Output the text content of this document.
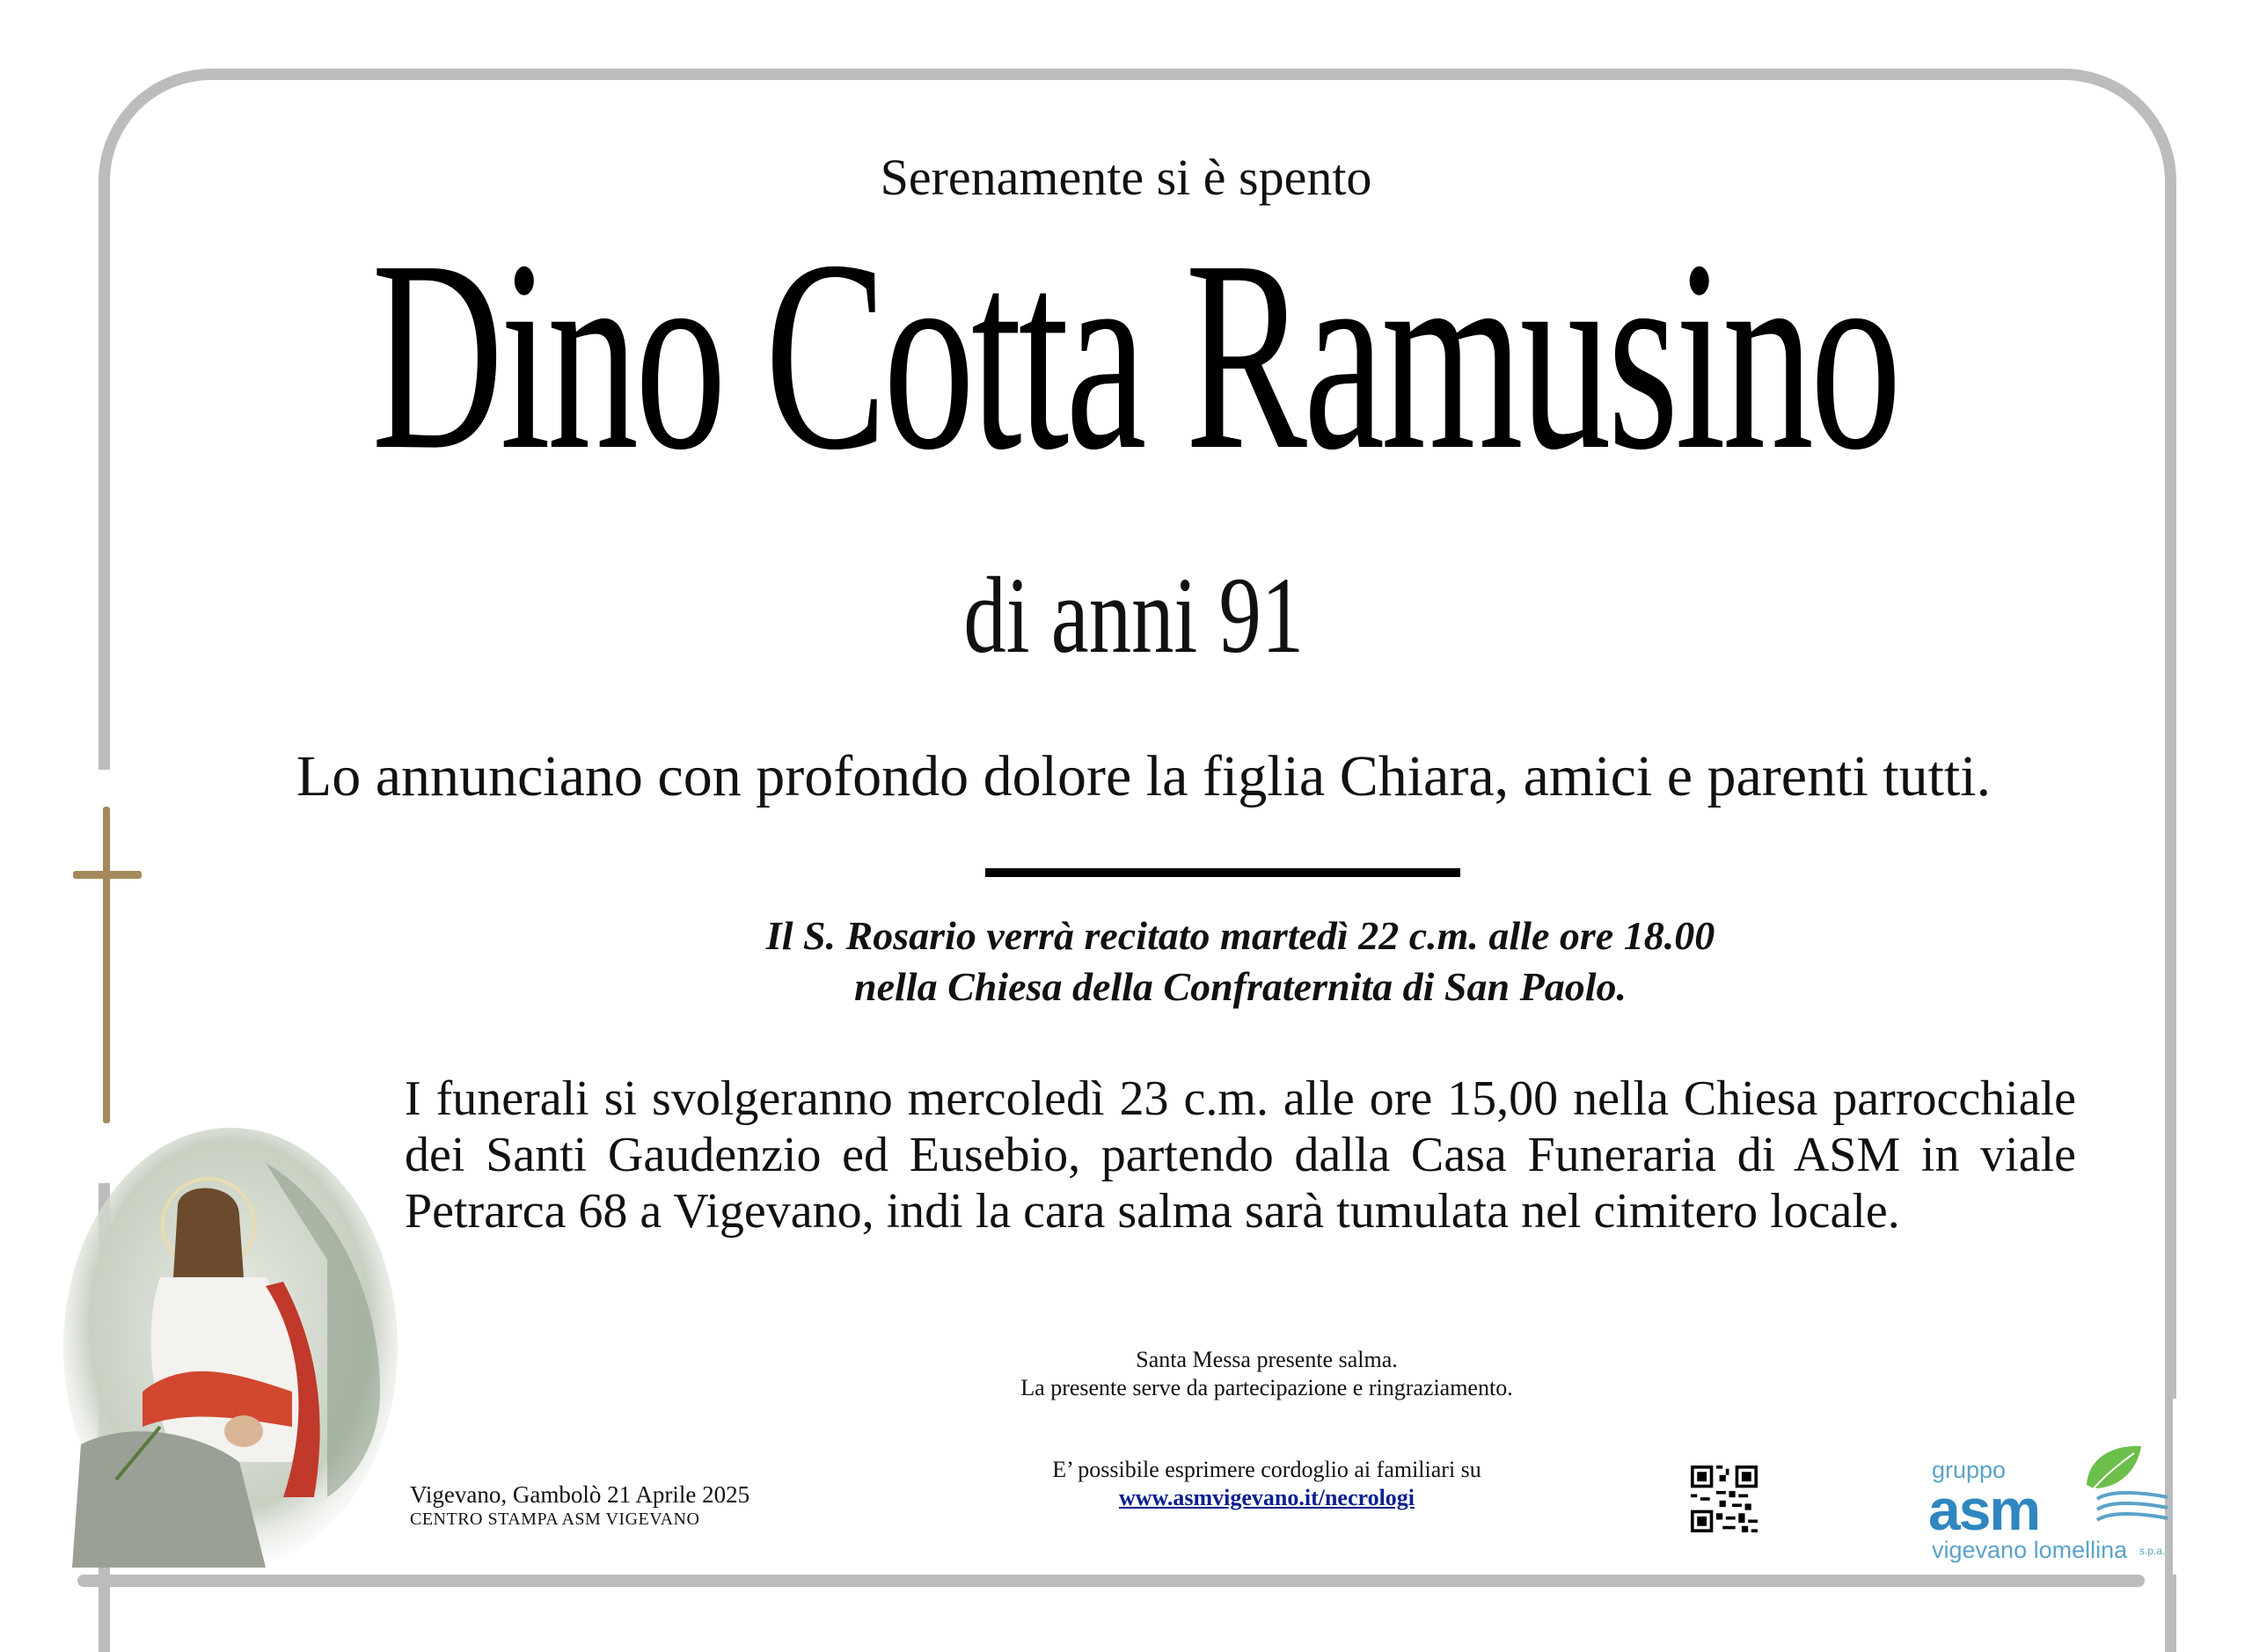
Serenamente si è spento
Dino Cotta Ramusino
di anni 91
Lo annunciano con profondo dolore la figlia Chiara, amici e parenti tutti.
Il S. Rosario verrà recitato martedì 22 c.m. alle ore 18.00
nella Chiesa della Confraternita di San Paolo.
I funerali si svolgeranno mercoledì 23 c.m. alle ore 15,00 nella Chiesa parrocchiale dei Santi Gaudenzio ed Eusebio, partendo dalla Casa Funeraria di ASM in viale Petrarca 68 a Vigevano, indi la cara salma sarà tumulata nel cimitero locale.
Santa Messa presente salma.
La presente serve da partecipazione e ringraziamento.
E’ possibile esprimere cordoglio ai familiari su
www.asmvigevano.it/necrologi
Vigevano, Gambolò 21 Aprile 2025
CENTRO STAMPA ASM VIGEVANO
gruppo
asm
vigevano lomellina s.p.a.
